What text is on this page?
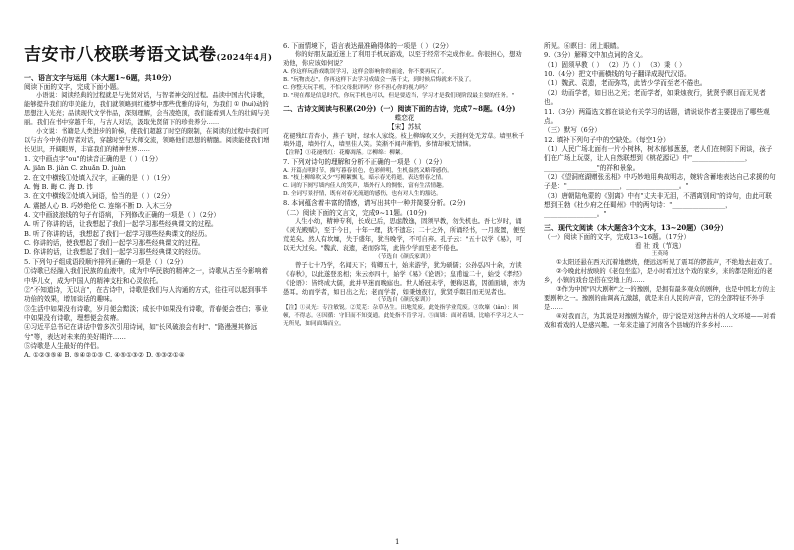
吉安市八校联考语文试卷(2024年4月)
一、语言文字与运用（本大题1~6题，共10分）
阅读下面的文字，完成下面小题。
小语说：阅读经典的过程就是与先贤对话，与智者神交的过程。品读中国古代诗歌，能够提升我们的审美能力，我们就领略到红楼梦中那些优雅的诗句，为我们 ① (hui)动的思想注入光亮；品读现代文学作品，深刻理解，会当凌绝顶，我们能看到人生的壮阔与美丽。我们在书中穿越千年，与古人对话，汲取先贤留下的珍贵养分……
小文说：书籍是人类进步的阶梯，使我们超越了时空的限制，在阅读的过程中我们可以与古今中外的智者对话，穿越时空与大师交流，领略他们思想的精髓。阅读能使我们增长见识，开阔眼界，丰富我们的精神世界……
1. 文中画点字"ou"的读音正确的是（ ）（1分）
A. jiān B. jiàn C. zhuǎn D. juàn
2. 在文中横线①处填入汉字，正确的是（ ）（1分）
A. 悔 B. 晦 C. 海 D. 讳
3. 在文中横线②处填入词语，恰当的是（ ）（2分）
A. 震撼人心 B. 巧妙绝伦 C. 连绵不断 D. 入木三分
4. 文中画波浪线的句子有语病，下列修改正确的一项是（ ）（2分）
A. 听了你讲的话，让我想起了我们一起学习那些经典课文的过程。
B. 听了你讲的话，我想起了我们一起学习那些经典课文的经历。
C. 你讲的话，使我想起了我们一起学习那些经典课文的过程。
D. 你讲的话，让我想起了我们一起学习那些经典课文的经历。
5. 下列句子组成语段顺序排列正确的一项是（ ）（2分）
①诗歌已经融入我们民族的血液中，成为中华民族的精神之一，诗歌从古至今影响着中华儿女，成为中国人的精神支柱和心灵依托。
②"不知道诗，无以言"，在古诗中，诗歌是我们与人沟通的方式，往往可以起到事半功倍的效果，增加谈话的趣味。
③生活中如果没有诗歌，岁月便会黯淡；成长中如果没有诗歌，青春便会苍白；事业中如果没有诗歌，理想便会贫瘠。
④习近平总书记在讲话中曾多次引用诗词，如"长风破浪会有时"、"路漫漫其修远兮"等，表达对未来的美好期许……
⑤诗歌是人生最好的伴侣。
A. ①②③⑤④ B. ⑤④②①③ C. ④⑤①③② D. ⑤③②①④
6. 下面情境下，语言表达最准确得体的一项是（ ）（2分）
你的好朋友最近迷上了利用手机玩游戏，以至于经常不完成作业。你很担心，想劝劝他，你应该如何说？
A. 你这样玩游戏耽误学习，这样会影响你的前途，你不要再玩了。
B. "玩物丧志"，你再这样下去学习成绩会一落千丈，到时候后悔就来不及了。
C. 你整天玩手机，不怕父母批评吗？你不担心你的视力吗？
D. "现在都是信息时代，你玩手机也可以，但是要适当，学习才是我们现阶段最主要的任务。"
二、古诗文阅读与积累(20分)（一）阅读下面的古诗，完成7~8题。(4分)
蝶恋花
【宋】苏轼
花褪残红青杏小，燕子飞时，绿水人家绕。枝上柳绵吹又少，天涯何处无芳草。墙里秋千墙外道，墙外行人，墙里佳人笑。笑渐不闻声渐悄，多情却被无情恼。
【注释】①花褪残红：花瓣凋落。②柳绵：柳絮。
7. 下列对诗句的理解和分析不正确的一项是（ ）（2分）
A. 开篇点明时节，描写暮春景色，色彩鲜明，生机盎然又略带感伤。
B. "枝上柳绵吹又少"写柳絮飘飞，暗示春光将逝，表达惜春之情。
C. 词的下阕写墙内佳人的笑声，墙外行人的惆怅，富有生活情趣。
D. 全词写景抒情，既有对春光流逝的感伤，也有对人生的豁达。
8. 本词蕴含着丰富的情感，请写出其中一种并简要分析。(2分)
（二）阅读下面的文言文，完成9~11题。(10分)
人生小幼，精神专利，长成已后，思虑散逸，固须早教，勿失机也。吾七岁时，诵《灵光殿赋》，至于今日，十年一理，犹不遗忘；二十之外，所诵经书，一月废置，便至荒芜矣。然人有坎壈，失于盛年，犹当晚学，不可自弃。孔子云："五十以学《易》，可以无大过矣。"魏武、袁遗，老而弥笃，此皆少学而至老不倦也。
（节选自《颜氏家训》）
曾子七十乃学，名闻天下；荀卿五十，始来游学，犹为硕儒；公孙弘四十余，方读《春秋》，以此遂登丞相；朱云亦四十，始学《易》《论语》；皇甫谧二十，始受《孝经》《论语》：皆终成大儒，此并早迷而晚寤也。世人婚冠未学，便称迟暮，因循面墙，亦为愚耳。幼而学者，如日出之光；老而学者，如秉烛夜行，犹贤乎瞑目而无见者也。
（节选自《颜氏家训》）
【注】①灵光：专注敏锐。②荒芜：杂草丛生。田地荒废。此处指学业荒废。③坎壈（lǎn）：困顿，不得志。④因循：守旧而不知变通。此处指不肯学习。⑤面墙：面对着墙，比喻不学习之人一无所见，如同面墙而立。
所见。⑥瞑目：闭上眼睛。
9.（3分）解释文中加点词的含义。
（1）固须早教（ ） （2）乃（ ） （3）秉（ ）
10.（4分）把文中画横线的句子翻译成现代汉语。
（1）魏武、袁遗，老而弥笃，此皆少学而至老不倦也。
（2）幼而学者，如日出之光；老而学者，如秉烛夜行，犹贤乎瞑目而无见者也。
11.（3分）两篇选文都在谈论有关学习的话题，请说说作者主要提出了哪些观点。
（三）默写（6分）
12. 填补下列句子中的空缺处。（每空1分）
（1）人民广场北面有一片小树林，树木郁郁葱葱，老人们在树阴下闲谈，孩子们在广场上玩耍，让人自然联想到《桃花源记》中"________________，________________"的祥和景象。
（2）《望洞庭湖赠张丞相》中巧妙地用典故明志，婉转含蓄地表达自己求援的句子是："________________，________________。"
（3）唐朝陆龟蒙的《别离》中有"丈夫非无泪，不洒离别间"的诗句，由此可联想到王勃《杜少府之任蜀州》中的两句诗："________________，________________。"
三、现代文阅读（本大题含3个文本，13~20题）（30分）
（一）阅读下面的文字，完成13~16题。（17分）
看 社 戏（节选）
王英琦
①太阳还悬在西天沉着地燃烧，便远远听见了震耳的锣鼓声，不绝地去赶戏了。
②今晚此村放映的《老包坐监》，是小时看过这个戏的家乡，来的都是附近的老乡，小镇的戏台是搭在空地上的……
③作为中国"四大剧种"之一的豫剧，是拥有最多观众的剧种，也是中国北方的主要剧种之一。豫剧的曲调高亢激越，就是来自人民的声音，它的全部特征不外乎是……
④对我而言，为其说是对豫剧为媒介，毋宁说是对这种古朴的人文环境——对看戏和看戏的人是感兴趣。一年来走遍了河南各个县城的许多乡村……
1
